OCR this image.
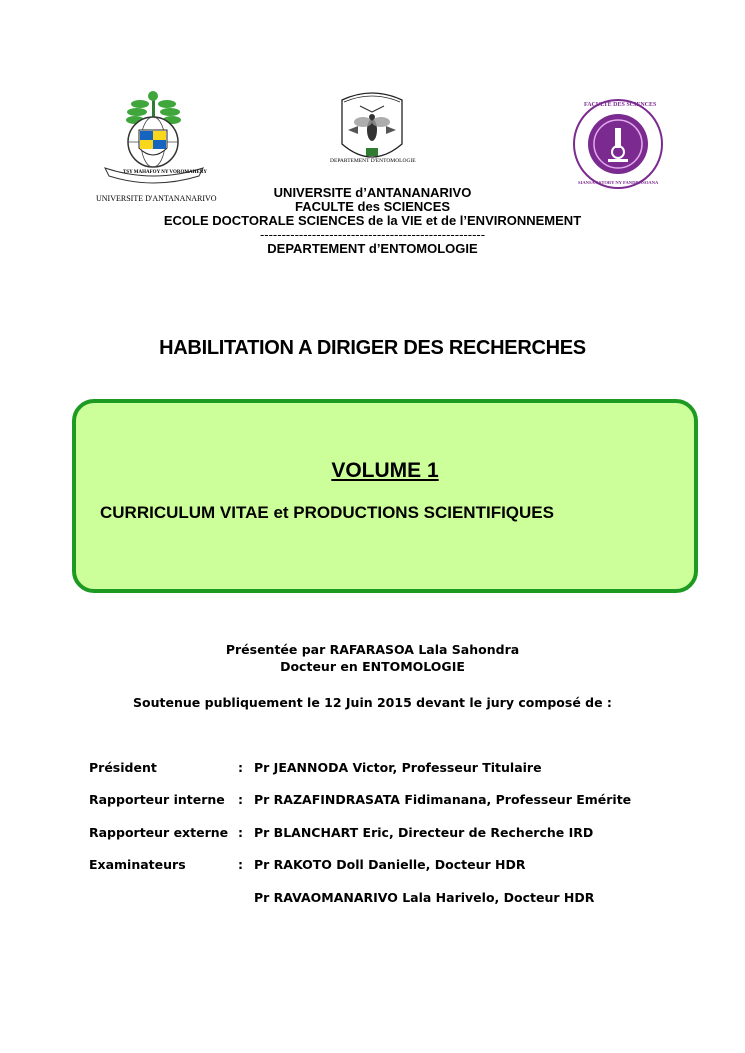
TSY MAHAFOY NY VOROMAHERY
UNIVERSITE D'ANTANANARIVO
DEPARTEMENT D'ENTOMOLOGIE
FACULTE DES SCIENCES
SIANSA ASTORY NY FANDROSOANA
UNIVERSITE d’ANTANANARIVO
FACULTE des SCIENCES
ECOLE DOCTORALE SCIENCES de la VIE et de l’ENVIRONNEMENT
----------------------------------------------------
DEPARTEMENT d’ENTOMOLOGIE
HABILITATION A DIRIGER DES RECHERCHES
VOLUME 1
CURRICULUM VITAE et PRODUCTIONS SCIENTIFIQUES
Présentée par RAFARASOA Lala Sahondra
Docteur en ENTOMOLOGIE
Soutenue publiquement le 12 Juin 2015 devant le jury composé de :
Président	: Pr JEANNODA Victor, Professeur Titulaire
Rapporteur interne : Pr RAZAFINDRASATA Fidimanana, Professeur Emérite
Rapporteur externe : Pr BLANCHART Eric, Directeur de Recherche IRD
Examinateurs	: Pr RAKOTO Doll Danielle, Docteur HDR
Pr RAVAOMANARIVO Lala Harivelo, Docteur HDR
